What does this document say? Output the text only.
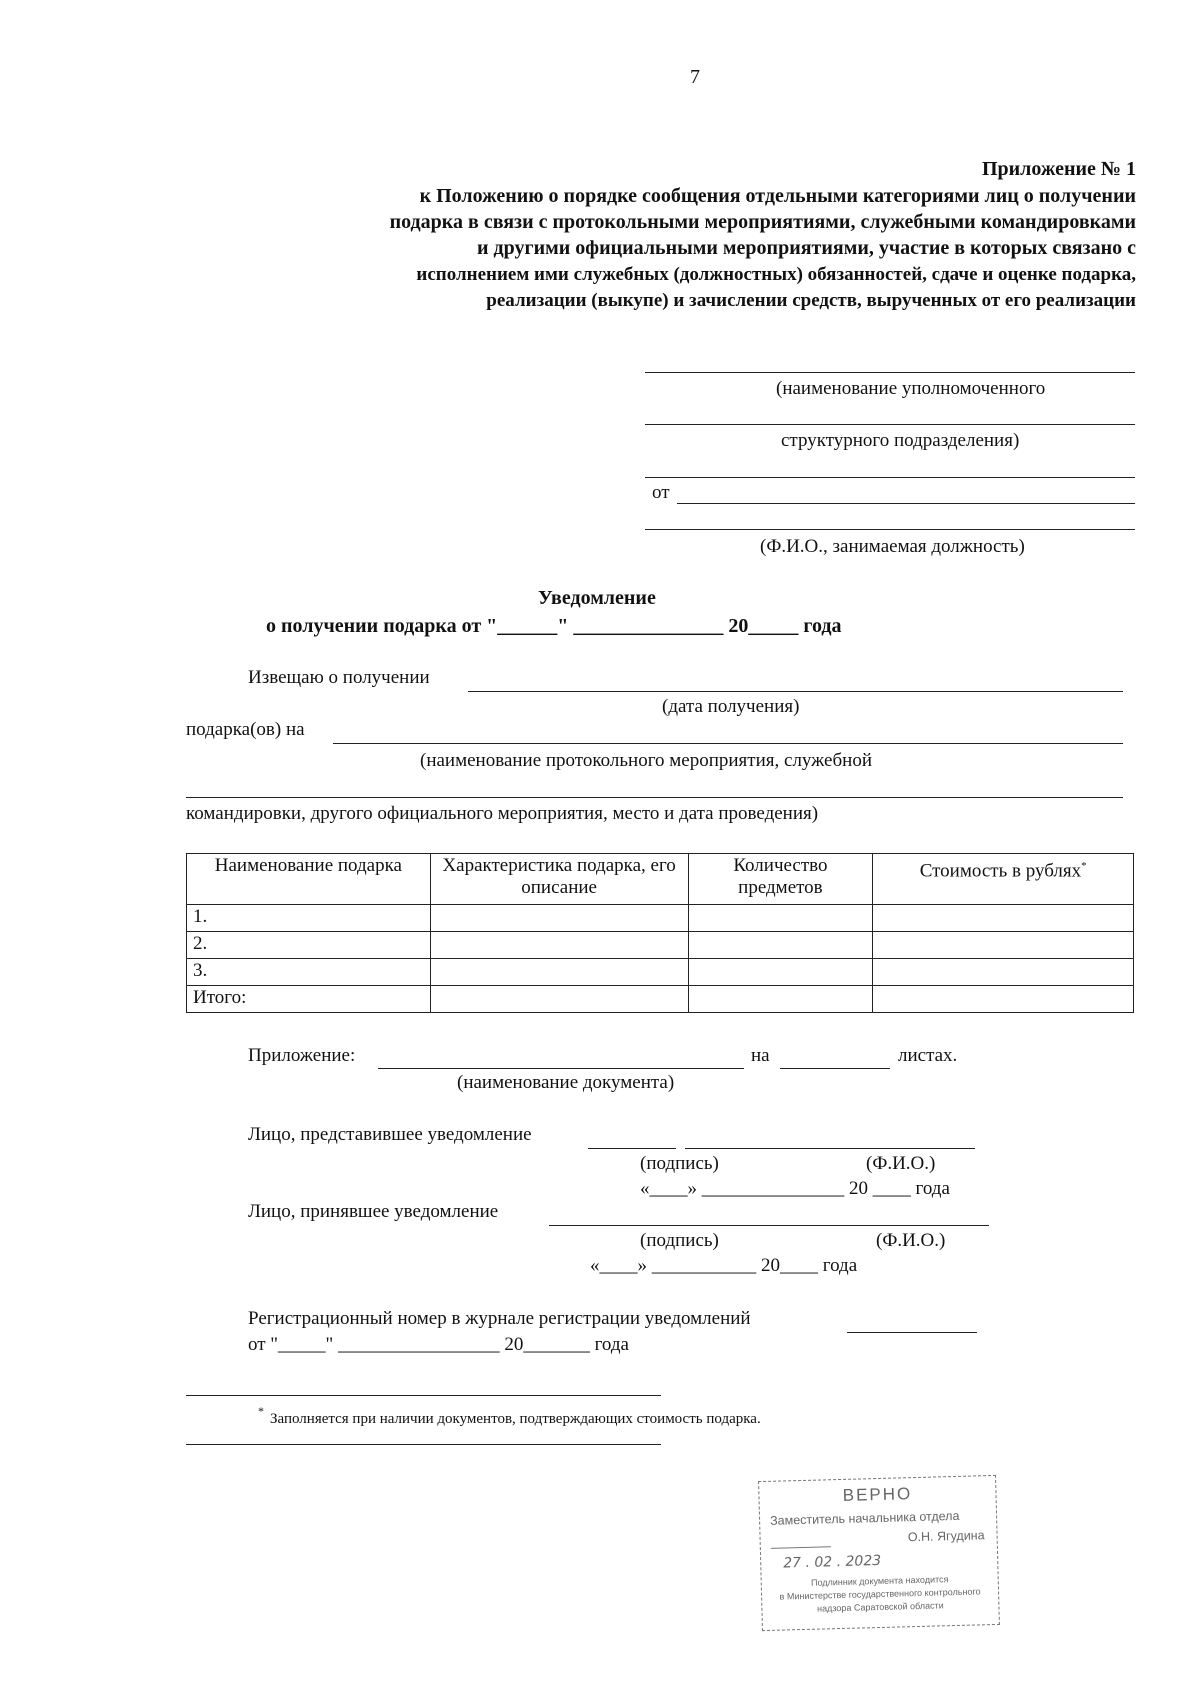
7
Приложение № 1
к Положению о порядке сообщения отдельными категориями лиц о получении
подарка в связи с протокольными мероприятиями, служебными командировками
и другими официальными мероприятиями, участие в которых связано с
исполнением ими служебных (должностных) обязанностей, сдаче и оценке подарка,
реализации (выкупе) и зачислении средств, вырученных от его реализации
(наименование уполномоченного
структурного подразделения)
от
(Ф.И.О., занимаемая должность)
Уведомление
о получении подарка от "______" _______________ 20_____ года
Извещаю о получении
(дата получения)
подарка(ов) на
(наименование протокольного мероприятия, служебной
командировки, другого официального мероприятия, место и дата проведения)
Наименование подарка	Характеристика подарка, его описание	Количество предметов	Стоимость в рублях*
1.			
2.			
3.			
Итого:			
Приложение:	на	листах.
(наименование документа)
Лицо, представившее уведомление
(подпись)	(Ф.И.О.)
«____» _______________ 20 ____ года
Лицо, принявшее уведомление
(подпись)	(Ф.И.О.)
«____» ___________ 20____ года
Регистрационный номер в журнале регистрации уведомлений
от "_____" _________________ 20_______ года
* Заполняется при наличии документов, подтверждающих стоимость подарка.
ВЕРНО
Заместитель начальника отдела

О.Н. Ягудина
27 . 02 . 2023
Подлинник документа находится
в Министерстве государственного контрольного
надзора Саратовской области
